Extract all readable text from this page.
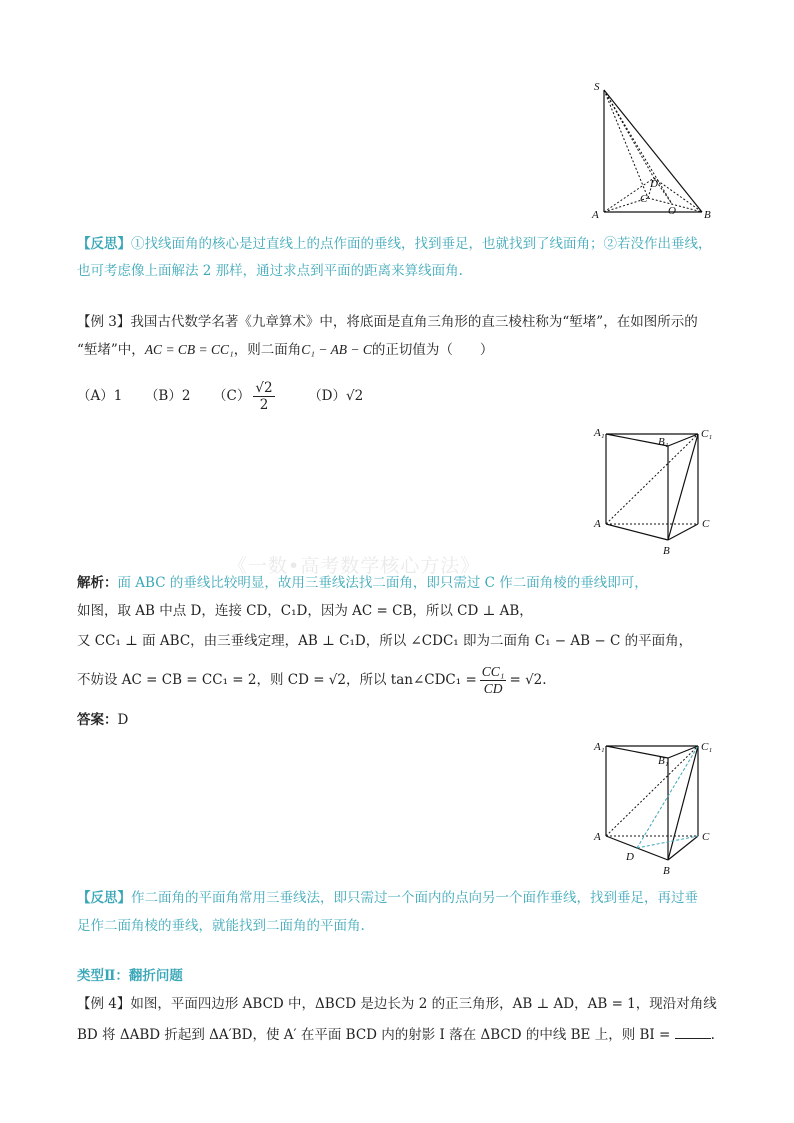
S
A	B
C
D
O
【反思】①找线面角的核心是过直线上的点作面的垂线，找到垂足，也就找到了线面角；②若没作出垂线，
也可考虑像上面解法 2 那样，通过求点到平面的距离来算线面角.
【例 3】我国古代数学名著《九章算术》中，将底面是直角三角形的直三棱柱称为“堑堵”，在如图所示的
“堑堵”中，AC = CB = CC₁，则二面角C₁ − AB − C的正切值为（　　）
（A）1 （B）2 $(C) \frac{√2}{2} (D)√2$
A₁
B₁
C₁
A
B
C
《一数•高考数学核心方法》
解析：面 ABC 的垂线比较明显，故用三垂线法找二面角，即只需过 C 作二面角棱的垂线即可，
如图，取 AB 中点 D，连接 CD，C₁D，因为 AC = CB，所以 CD ⊥ AB，
又 CC₁ ⊥ 面 ABC，由三垂线定理，AB ⊥ C₁D，所以 ∠CDC₁ 即为二面角 C₁ − AB − C 的平面角，
不妨设 AC = CB = CC₁ = 2，则 CD = √2，所以 tan∠CDC₁ = $\frac{\text{CC₁}}{CD} = √2$.
答案：D
A₁
B₁
C₁
A
B
C
D
【反思】作二面角的平面角常用三垂线法，即只需过一个面内的点向另一个面作垂线，找到垂足，再过垂
足作二面角棱的垂线，就能找到二面角的平面角.
类型Ⅱ：翻折问题
【例 4】如图，平面四边形 ABCD 中，ΔBCD 是边长为 2 的正三角形，AB ⊥ AD，AB = 1，现沿对角线
BD 将 ΔABD 折起到 ΔA′BD，使 A′ 在平面 BCD 内的射影 I 落在 ΔBCD 的中线 BE 上，则 BI =	.
